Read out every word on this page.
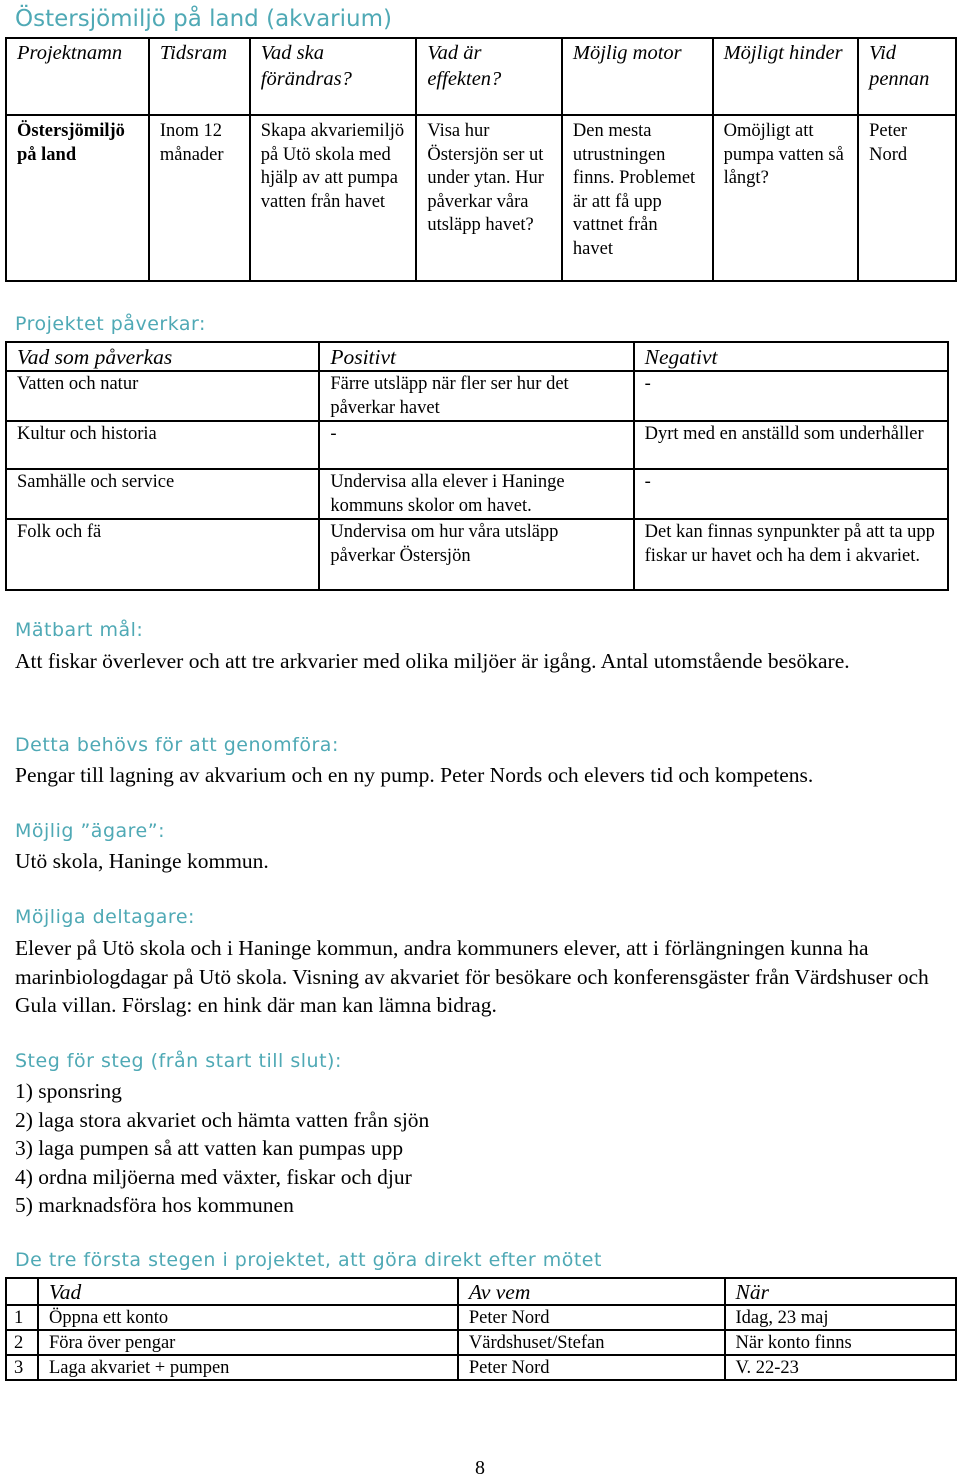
Östersjömiljö på land (akvarium)
Projektnamn	Tidsram	Vad ska förändras?	Vad är effekten?	Möjlig motor	Möjligt hinder	Vid pennan
Östersjömiljö på land	Inom 12 månader	Skapa akvariemiljö på Utö skola med hjälp av att pumpa vatten från havet	Visa hur Östersjön ser ut under ytan. Hur påverkar våra utsläpp havet?	Den mesta utrustningen finns. Problemet är att få upp vattnet från havet	Omöjligt att pumpa vatten så långt?	Peter Nord
Projektet påverkar:
Vad som påverkas	Positivt	Negativt
Vatten och natur	Färre utsläpp när fler ser hur det påverkar havet	-
Kultur och historia	-	Dyrt med en anställd som underhåller
Samhälle och service	Undervisa alla elever i Haninge kommuns skolor om havet.	-
Folk och fä	Undervisa om hur våra utsläpp påverkar Östersjön	Det kan finnas synpunkter på att ta upp fiskar ur havet och ha dem i akvariet.
Mätbart mål:
Att fiskar överlever och att tre arkvarier med olika miljöer är igång. Antal utomstående besökare.
Detta behövs för att genomföra:
Pengar till lagning av akvarium och en ny pump. Peter Nords och elevers tid och kompetens.
Möjlig ”ägare”:
Utö skola, Haninge kommun.
Möjliga deltagare:
Elever på Utö skola och i Haninge kommun, andra kommuners elever, att i förlängningen kunna ha marinbiologdagar på Utö skola. Visning av akvariet för besökare och konferensgäster från Värdshuser och Gula villan. Förslag: en hink där man kan lämna bidrag.
Steg för steg (från start till slut):
1) sponsring
2) laga stora akvariet och hämta vatten från sjön
3) laga pumpen så att vatten kan pumpas upp
4) ordna miljöerna med växter, fiskar och djur
5) marknadsföra hos kommunen
De tre första stegen i projektet, att göra direkt efter mötet
	Vad	Av vem	När
1	Öppna ett konto	Peter Nord	Idag, 23 maj
2	Föra över pengar	Värdshuset/Stefan	När konto finns
3	Laga akvariet + pumpen	Peter Nord	V. 22-23
8
